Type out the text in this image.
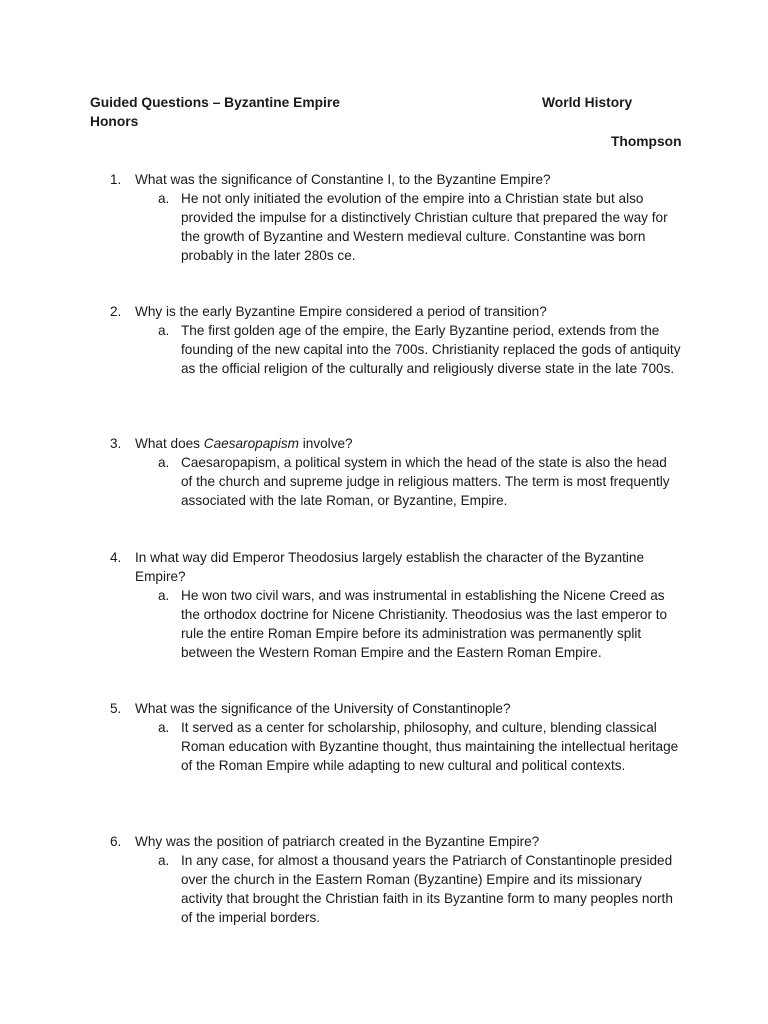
Guided Questions – Byzantine Empire	World History
Honors
Thompson
1. What was the significance of Constantine I, to the Byzantine Empire?
a. He not only initiated the evolution of the empire into a Christian state but also provided the impulse for a distinctively Christian culture that prepared the way for the growth of Byzantine and Western medieval culture. Constantine was born probably in the later 280s ce.
2. Why is the early Byzantine Empire considered a period of transition?
a. The first golden age of the empire, the Early Byzantine period, extends from the founding of the new capital into the 700s. Christianity replaced the gods of antiquity as the official religion of the culturally and religiously diverse state in the late 700s.
3. What does Caesaropapism involve?
a. Caesaropapism, a political system in which the head of the state is also the head of the church and supreme judge in religious matters. The term is most frequently associated with the late Roman, or Byzantine, Empire.
4. In what way did Emperor Theodosius largely establish the character of the Byzantine Empire?
a. He won two civil wars, and was instrumental in establishing the Nicene Creed as the orthodox doctrine for Nicene Christianity. Theodosius was the last emperor to rule the entire Roman Empire before its administration was permanently split between the Western Roman Empire and the Eastern Roman Empire.
5. What was the significance of the University of Constantinople?
a. It served as a center for scholarship, philosophy, and culture, blending classical Roman education with Byzantine thought, thus maintaining the intellectual heritage of the Roman Empire while adapting to new cultural and political contexts.
6. Why was the position of patriarch created in the Byzantine Empire?
a. In any case, for almost a thousand years the Patriarch of Constantinople presided over the church in the Eastern Roman (Byzantine) Empire and its missionary activity that brought the Christian faith in its Byzantine form to many peoples north of the imperial borders.
